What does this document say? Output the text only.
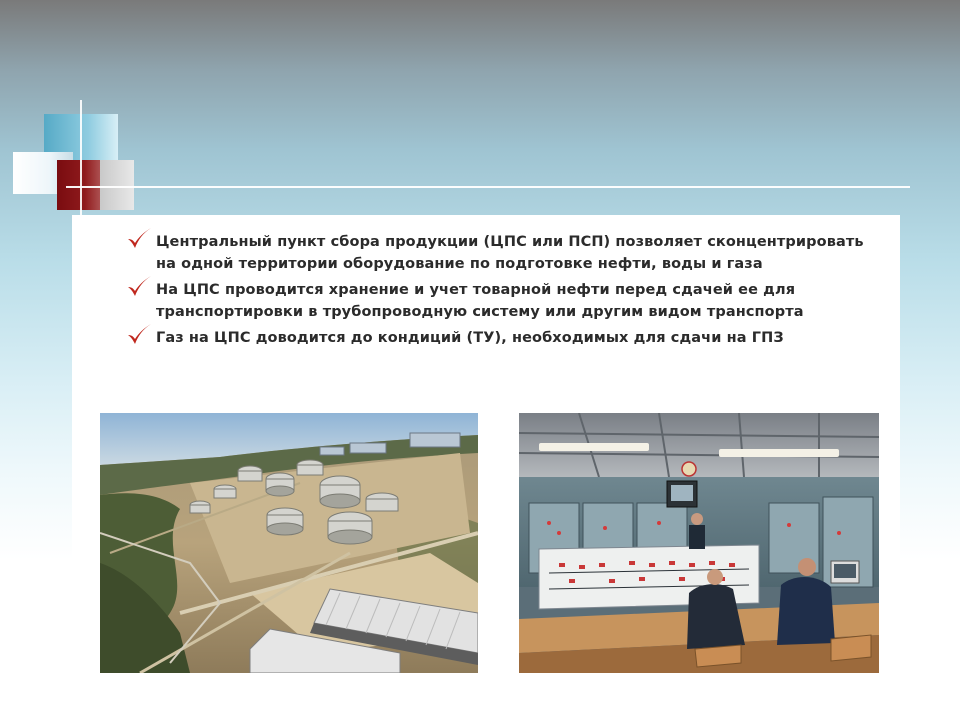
Центральный пункт сбора продукции (ЦПС или ПСП) позволяет сконцентрировать на одной территории оборудование по подготовке нефти, воды и газа
На ЦПС проводится хранение и учет товарной нефти перед сдачей ее для транспортировки в трубопроводную систему или другим видом транспорта
Газ на ЦПС доводится до кондиций (ТУ), необходимых для сдачи на ГПЗ
